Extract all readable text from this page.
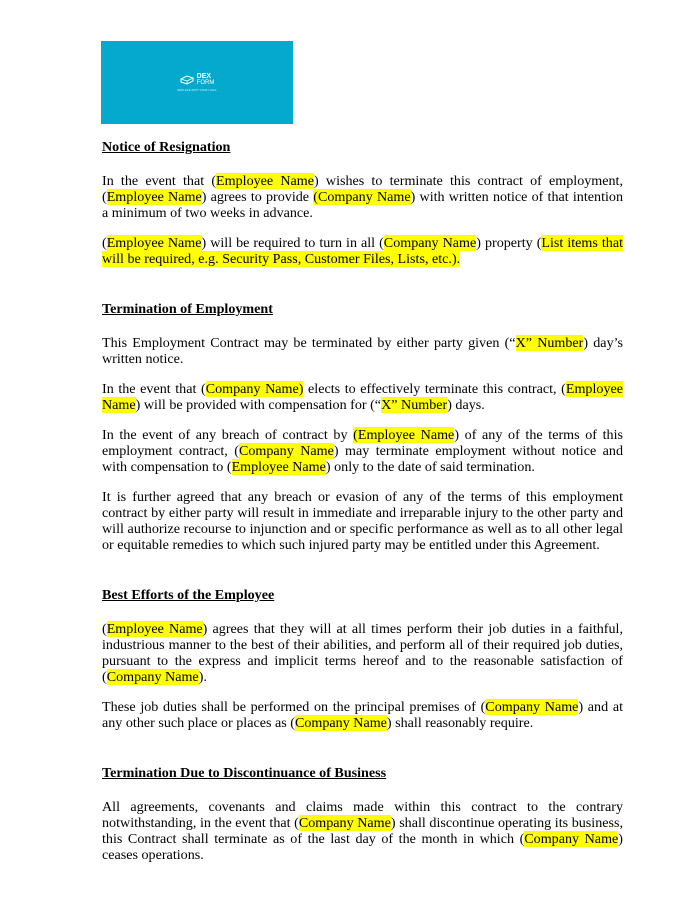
DEX
FORM
REPLACE WITH YOUR LOGO
Notice of Resignation

In the event that (Employee Name) wishes to terminate this contract of employment, (Employee Name) agrees to provide (Company Name) with written notice of that intention a minimum of two weeks in advance.

(Employee Name) will be required to turn in all (Company Name) property (List items that will be required, e.g. Security Pass, Customer Files, Lists, etc.).

Termination of Employment

This Employment Contract may be terminated by either party given (“X” Number) day’s written notice.

In the event that (Company Name) elects to effectively terminate this contract, (Employee Name) will be provided with compensation for (“X” Number) days.

In the event of any breach of contract by (Employee Name) of any of the terms of this employment contract, (Company Name) may terminate employment without notice and with compensation to (Employee Name) only to the date of said termination.

It is further agreed that any breach or evasion of any of the terms of this employment contract by either party will result in immediate and irreparable injury to the other party and will authorize recourse to injunction and or specific performance as well as to all other legal or equitable remedies to which such injured party may be entitled under this Agreement.

Best Efforts of the Employee

(Employee Name) agrees that they will at all times perform their job duties in a faithful, industrious manner to the best of their abilities, and perform all of their required job duties, pursuant to the express and implicit terms hereof and to the reasonable satisfaction of (Company Name).

These job duties shall be performed on the principal premises of (Company Name) and at any other such place or places as (Company Name) shall reasonably require.

Termination Due to Discontinuance of Business

All agreements, covenants and claims made within this contract to the contrary notwithstanding, in the event that (Company Name) shall discontinue operating its business, this Contract shall terminate as of the last day of the month in which (Company Name) ceases operations.
